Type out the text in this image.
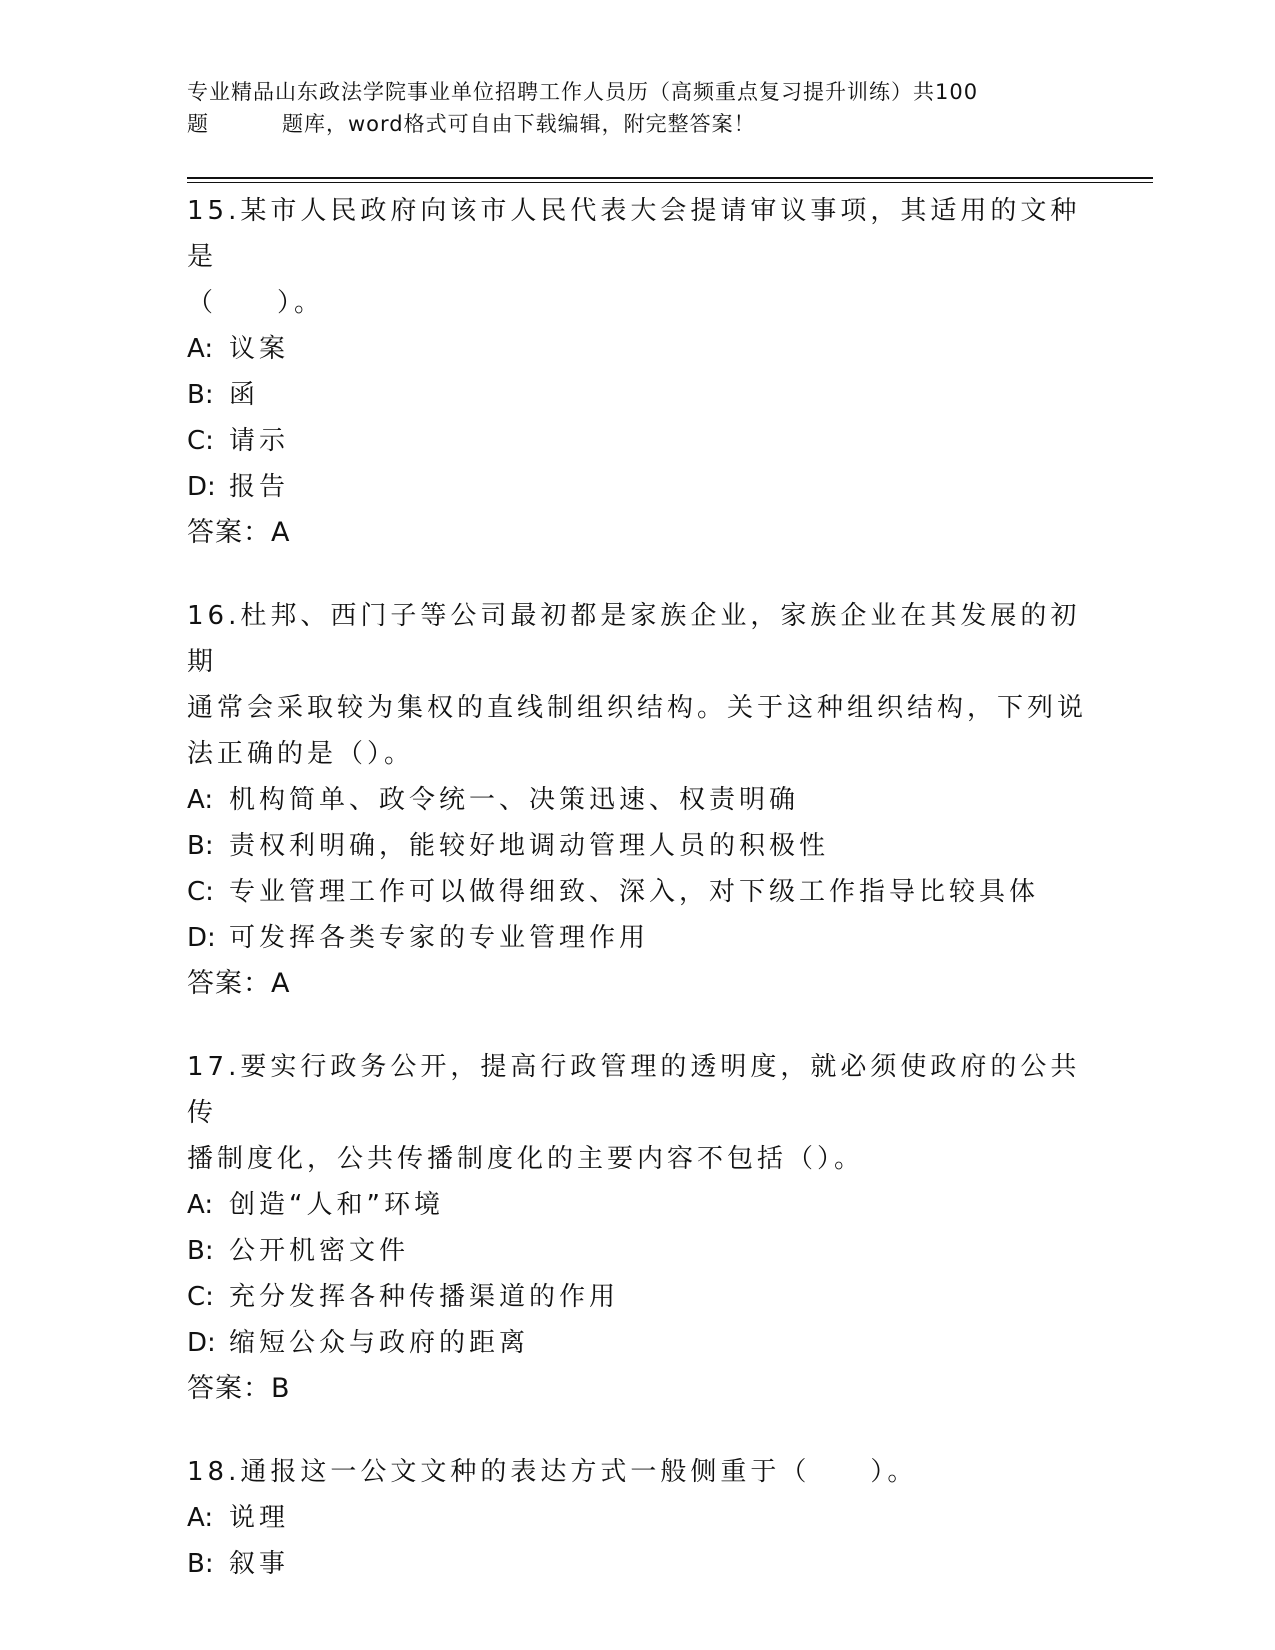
专业精品山东政法学院事业单位招聘工作人员历（高频重点复习提升训练）共100
题	题库，word格式可自由下载编辑，附完整答案！

15.某市人民政府向该市人民代表大会提请审议事项，其适用的文种是

（　　）。

A: 议案

B: 函

C: 请示

D: 报告

答案：A

16.杜邦、西门子等公司最初都是家族企业，家族企业在其发展的初期

通常会采取较为集权的直线制组织结构。关于这种组织结构，下列说

法正确的是（）。

A: 机构简单、政令统一、决策迅速、权责明确

B: 责权利明确，能较好地调动管理人员的积极性

C: 专业管理工作可以做得细致、深入，对下级工作指导比较具体

D: 可发挥各类专家的专业管理作用

答案：A

17.要实行政务公开，提高行政管理的透明度，就必须使政府的公共传

播制度化，公共传播制度化的主要内容不包括（）。

A: 创造“人和”环境

B: 公开机密文件

C: 充分发挥各种传播渠道的作用

D: 缩短公众与政府的距离

答案：B

18.通报这一公文文种的表达方式一般侧重于（　　）。

A: 说理

B: 叙事
